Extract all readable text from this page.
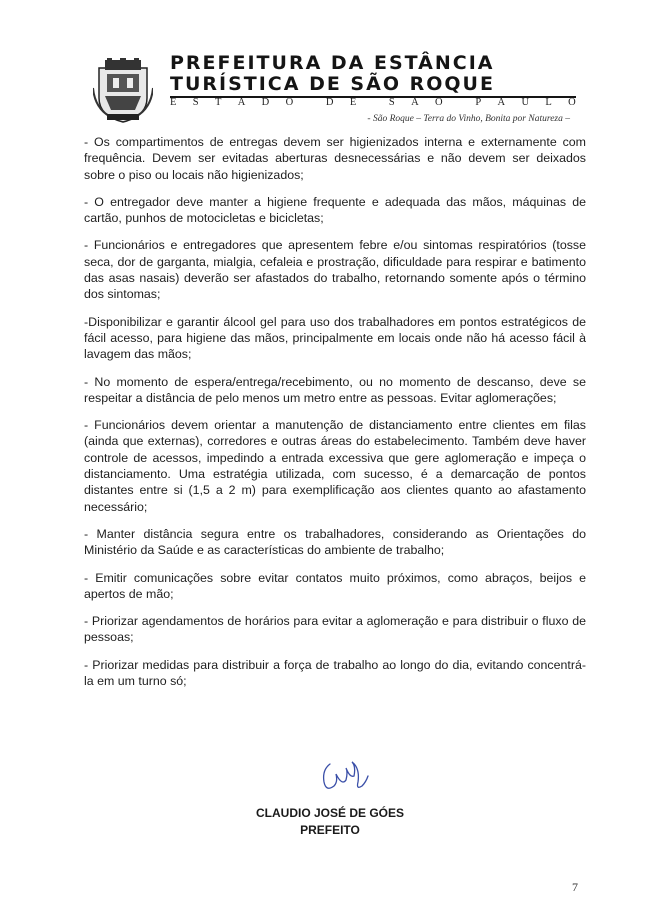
PREFEITURA DA ESTÂNCIA
TURÍSTICA DE SÃO ROQUE
E S T A D O	D E	S Ã O	P A U L O
- São Roque – Terra do Vinho, Bonita por Natureza –

- Os compartimentos de entregas devem ser higienizados interna e externamente com frequência. Devem ser evitadas aberturas desnecessárias e não devem ser deixados sobre o piso ou locais não higienizados;

- O entregador deve manter a higiene frequente e adequada das mãos, máquinas de cartão, punhos de motocicletas e bicicletas;

- Funcionários e entregadores que apresentem febre e/ou sintomas respiratórios (tosse seca, dor de garganta, mialgia, cefaleia e prostração, dificuldade para respirar e batimento das asas nasais) deverão ser afastados do trabalho, retornando somente após o término dos sintomas;

-Disponibilizar e garantir álcool gel para uso dos trabalhadores em pontos estratégicos de fácil acesso, para higiene das mãos, principalmente em locais onde não há acesso fácil à lavagem das mãos;

- No momento de espera/entrega/recebimento, ou no momento de descanso, deve se respeitar a distância de pelo menos um metro entre as pessoas. Evitar aglomerações;

- Funcionários devem orientar a manutenção de distanciamento entre clientes em filas (ainda que externas), corredores e outras áreas do estabelecimento. Também deve haver controle de acessos, impedindo a entrada excessiva que gere aglomeração e impeça o distanciamento. Uma estratégia utilizada, com sucesso, é a demarcação de pontos distantes entre si (1,5 a 2 m) para exemplificação aos clientes quanto ao afastamento necessário;

- Manter distância segura entre os trabalhadores, considerando as Orientações do Ministério da Saúde e as características do ambiente de trabalho;

- Emitir comunicações sobre evitar contatos muito próximos, como abraços, beijos e apertos de mão;

- Priorizar agendamentos de horários para evitar a aglomeração e para distribuir o fluxo de pessoas;

- Priorizar medidas para distribuir a força de trabalho ao longo do dia, evitando concentrá-la em um turno só;

CLAUDIO JOSÉ DE GÓES
PREFEITO
7
